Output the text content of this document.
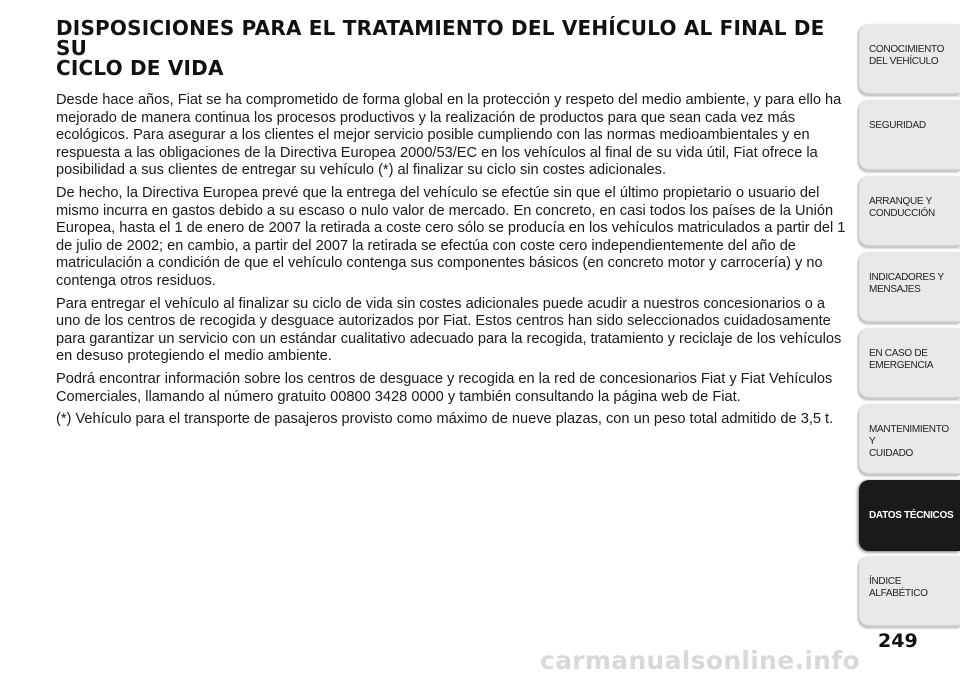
DISPOSICIONES PARA EL TRATAMIENTO DEL VEHÍCULO AL FINAL DE SU
CICLO DE VIDA

Desde hace años, Fiat se ha comprometido de forma global en la protección y respeto del medio ambiente, y para ello ha mejorado de manera continua los procesos productivos y la realización de productos para que sean cada vez más ecológicos. Para asegurar a los clientes el mejor servicio posible cumpliendo con las normas medioambientales y en respuesta a las obligaciones de la Directiva Europea 2000/53/EC en los vehículos al final de su vida útil, Fiat ofrece la posibilidad a sus clientes de entregar su vehículo (*) al finalizar su ciclo sin costes adicionales.

De hecho, la Directiva Europea prevé que la entrega del vehículo se efectúe sin que el último propietario o usuario del mismo incurra en gastos debido a su escaso o nulo valor de mercado. En concreto, en casi todos los países de la Unión Europea, hasta el 1 de enero de 2007 la retirada a coste cero sólo se producía en los vehículos matriculados a partir del 1 de julio de 2002; en cambio, a partir del 2007 la retirada se efectúa con coste cero independientemente del año de matriculación a condición de que el vehículo contenga sus componentes básicos (en concreto motor y carrocería) y no contenga otros residuos.

Para entregar el vehículo al finalizar su ciclo de vida sin costes adicionales puede acudir a nuestros concesionarios o a uno de los centros de recogida y desguace autorizados por Fiat. Estos centros han sido seleccionados cuidadosamente para garantizar un servicio con un estándar cualitativo adecuado para la recogida, tratamiento y reciclaje de los vehículos en desuso protegiendo el medio ambiente.

Podrá encontrar información sobre los centros de desguace y recogida en la red de concesionarios Fiat y Fiat Vehículos Comerciales, llamando al número gratuito 00800 3428 0000 y también consultando la página web de Fiat.

(*) Vehículo para el transporte de pasajeros provisto como máximo de nueve plazas, con un peso total admitido de 3,5 t.

CONOCIMIENTO
DEL VEHÍCULO
SEGURIDAD
ARRANQUE Y
CONDUCCIÓN
INDICADORES Y
MENSAJES
EN CASO DE
EMERGENCIA
MANTENIMIENTO Y
CUIDADO
DATOS TÉCNICOS
ÍNDICE ALFABÉTICO
249
carmanualsonline.info
